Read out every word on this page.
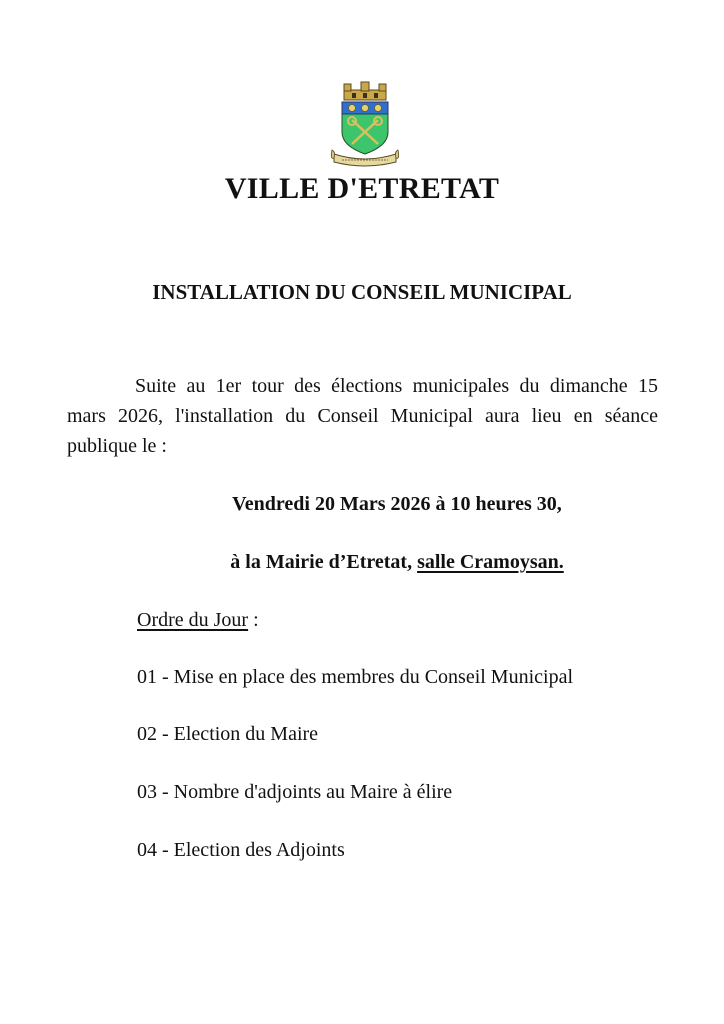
VILLE D'ETRETAT
INSTALLATION DU CONSEIL MUNICIPAL
Suite au 1er tour des élections municipales du dimanche 15
mars 2026, l'installation du Conseil Municipal aura lieu en séance
publique le :
Vendredi 20 Mars 2026 à 10 heures 30,
à la Mairie d’Etretat, salle Cramoysan.
Ordre du Jour :
01 - Mise en place des membres du Conseil Municipal
02 - Election du Maire
03 - Nombre d'adjoints au Maire à élire
04 - Election des Adjoints
